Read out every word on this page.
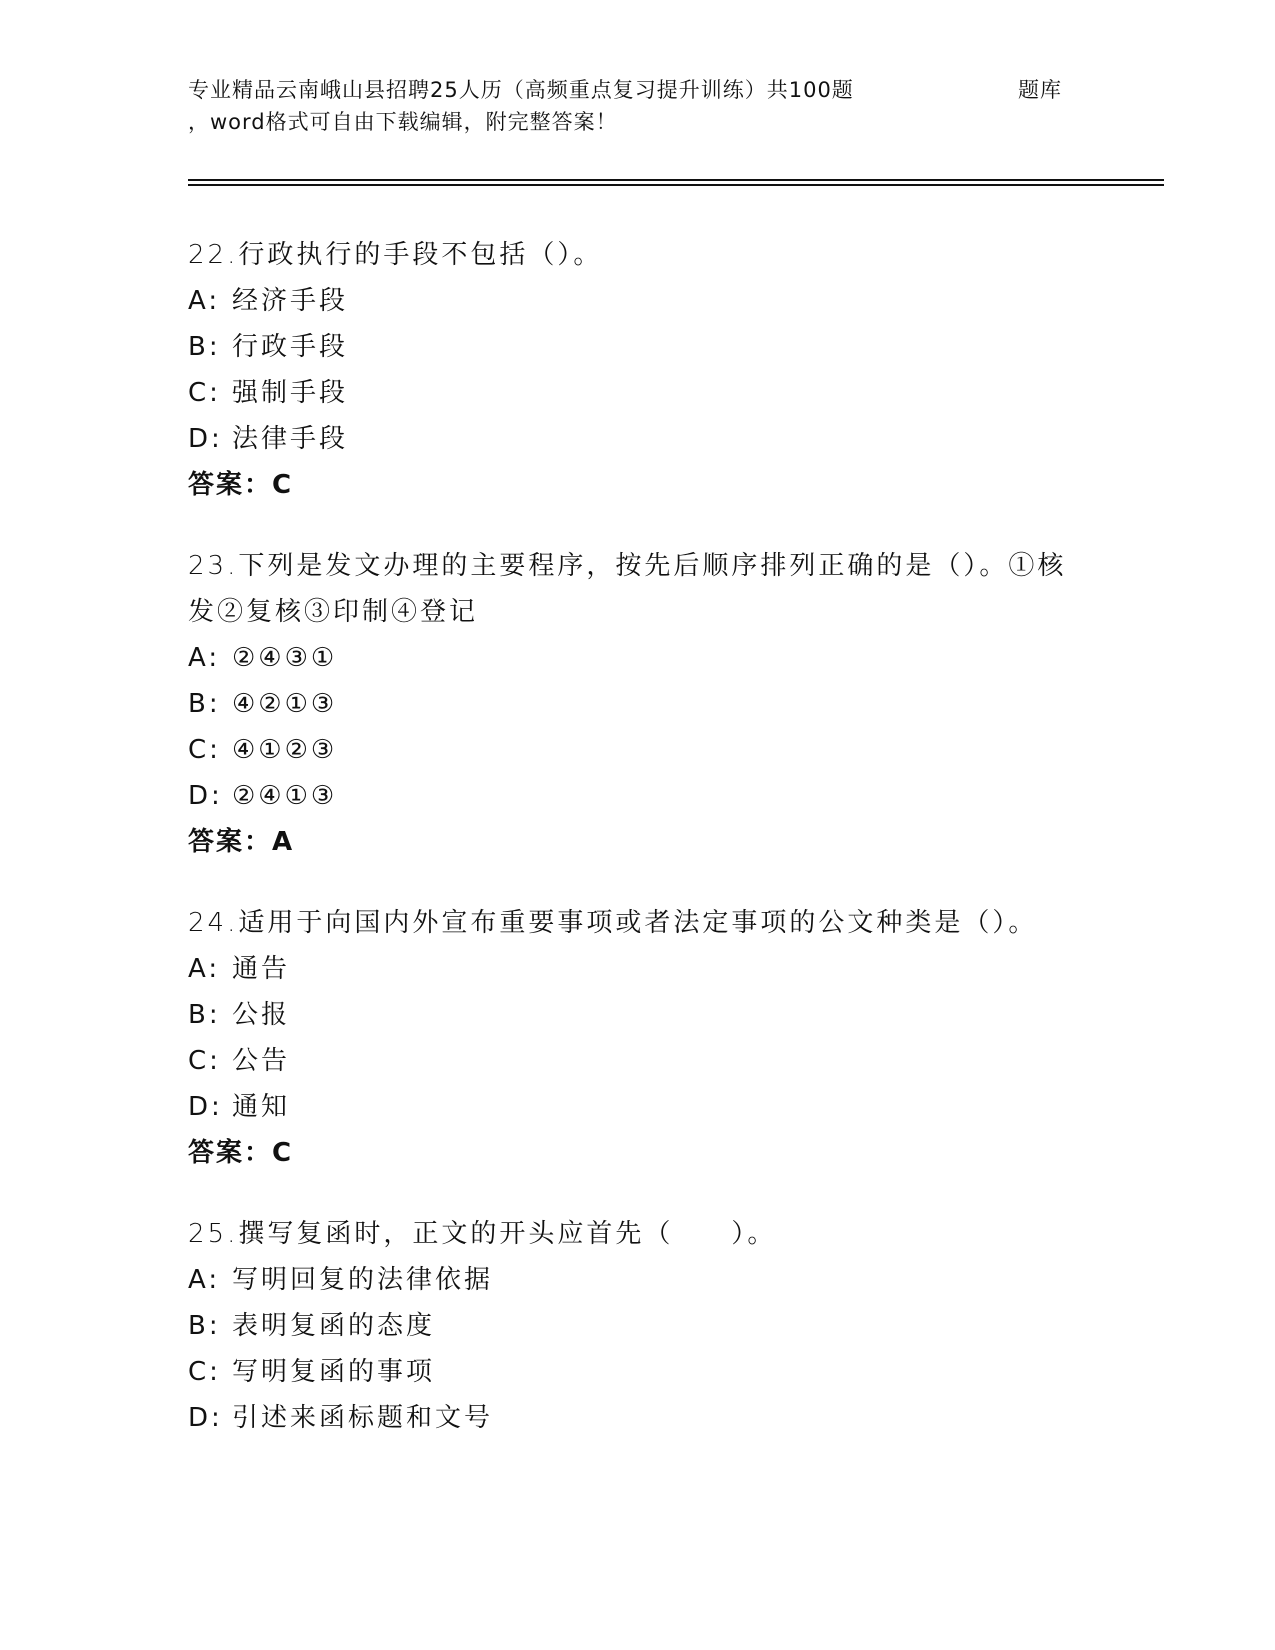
专业精品云南峨山县招聘25人历（高频重点复习提升训练）共100题	题库
，word格式可自由下载编辑，附完整答案！
22.行政执行的手段不包括（）。
A: 经济手段
B: 行政手段
C: 强制手段
D: 法律手段
答案：C
23.下列是发文办理的主要程序，按先后顺序排列正确的是（）。①核发②复核③印制④登记
A: ②④③①
B: ④②①③
C: ④①②③
D: ②④①③
答案：A
24.适用于向国内外宣布重要事项或者法定事项的公文种类是（）。
A: 通告
B: 公报
C: 公告
D: 通知
答案：C
25.撰写复函时，正文的开头应首先（　　）。
A: 写明回复的法律依据
B: 表明复函的态度
C: 写明复函的事项
D: 引述来函标题和文号
